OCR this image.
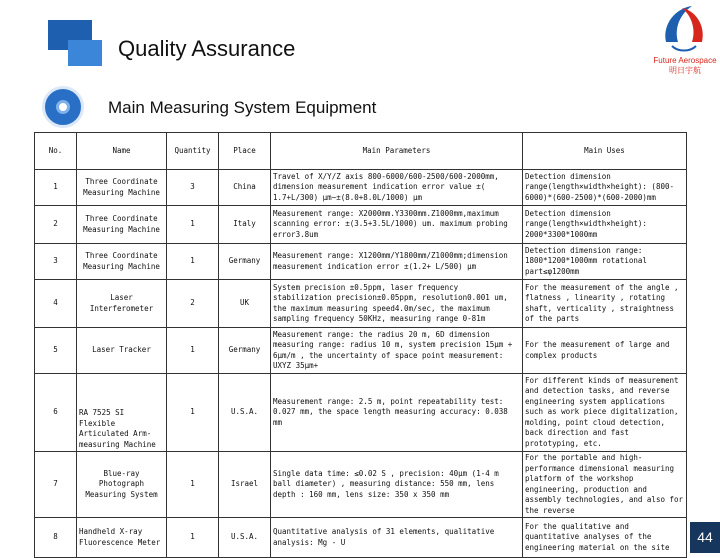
Quality Assurance	Future Aerospace
明日宇航
Main Measuring System Equipment
No.	Name	Quantity	Place	Main Parameters	Main Uses
1	Three Coordinate Measuring Machine	3	China	Travel of X/Y/Z axis 800-6000/600-2500/600-2000mm, dimension measurement indication error value ±( 1.7+L/300) μm~±(8.0+8.0L/1000) μm	Detection dimension range(length×width×height): (800-6000)*(600-2500)*(600-2000)mm
2	Three Coordinate Measuring Machine	1	Italy	Measurement range: X2000mm.Y3300mm.Z1000mm,maximum scanning error: ±(3.5+3.5L/1000) um. maximum probing error3.8um	Detection dimension range(length×width×height): 2000*3300*1000mm
3	Three Coordinate Measuring Machine	1	Germany	Measurement range: X1200mm/Y1800mm/Z1000mm;dimension measurement indication error ±(1.2+ L/500) μm	Detection dimension range: 1800*1200*1000mm rotational part≤φ1200mm
4	Laser Interferometer	2	UK	System precision ±0.5ppm, laser frequency stabilization precision±0.05ppm, resolution0.001 um, the maximum measuring speed4.0m/sec, the maximum sampling frequency 50KHz, measuring range 0-81m	For the measurement of the angle , flatness , linearity , rotating shaft, verticality , straightness of the parts
5	Laser Tracker	1	Germany	Measurement range: the radius 20 m, 6D dimension measuring range: radius 10 m, system precision 15μm + 6μm/m , the uncertainty of space point measurement: UXYZ 35μm+	For the measurement of large and complex products
6	RA 7525 SI Flexible Articulated Arm-measuring Machine	1	U.S.A.	Measurement range: 2.5 m, point repeatability test: 0.027 mm, the space length measuring accuracy: 0.038 mm	For different kinds of measurement and detection tasks, and reverse engineering system applications such as work piece digitalization, molding, point cloud detection, back direction and fast prototyping, etc.
7	Blue-ray Photograph Measuring System	1	Israel	Single data time: ≤0.02 S , precision: 40μm (1-4 m ball diameter) , measuring distance: 550 mm, lens depth : 160 mm, lens size: 350 x 350 mm	For the portable and high-performance dimensional measuring platform of the workshop engineering, production and assembly technologies, and also for the reverse
8	Handheld X-ray Fluorescence Meter	1	U.S.A.	Quantitative analysis of 31 elements, qualitative analysis: Mg - U	For the qualitative and quantitative analyses of the engineering material on the site
44
